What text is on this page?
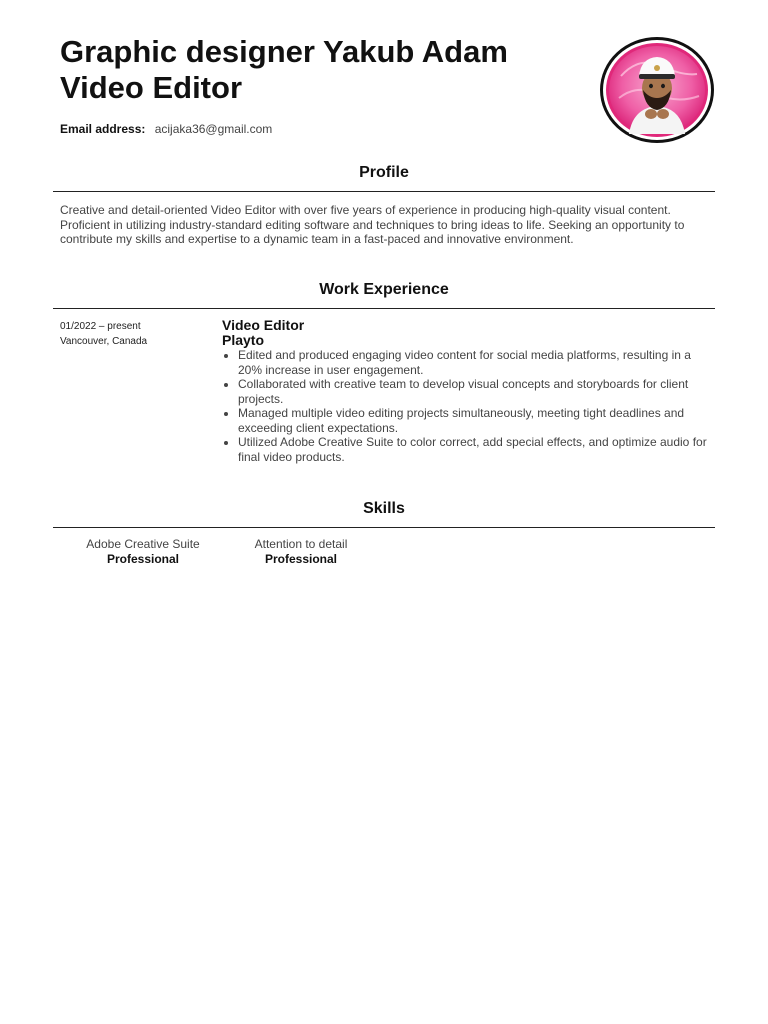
Graphic designer Yakub Adam
Video Editor
Email address: acijaka36@gmail.com
Profile
Creative and detail-oriented Video Editor with over five years of experience in producing high-quality visual content. Proficient in utilizing industry-standard editing software and techniques to bring ideas to life. Seeking an opportunity to contribute my skills and expertise to a dynamic team in a fast-paced and innovative environment.
Work Experience
01/2022 – present
Vancouver, Canada
Video Editor
Playto
• Edited and produced engaging video content for social media platforms, resulting in a 20% increase in user engagement.
• Collaborated with creative team to develop visual concepts and storyboards for client projects.
• Managed multiple video editing projects simultaneously, meeting tight deadlines and exceeding client expectations.
• Utilized Adobe Creative Suite to color correct, add special effects, and optimize audio for final video products.
Skills
Adobe Creative Suite
Professional
Attention to detail
Professional
